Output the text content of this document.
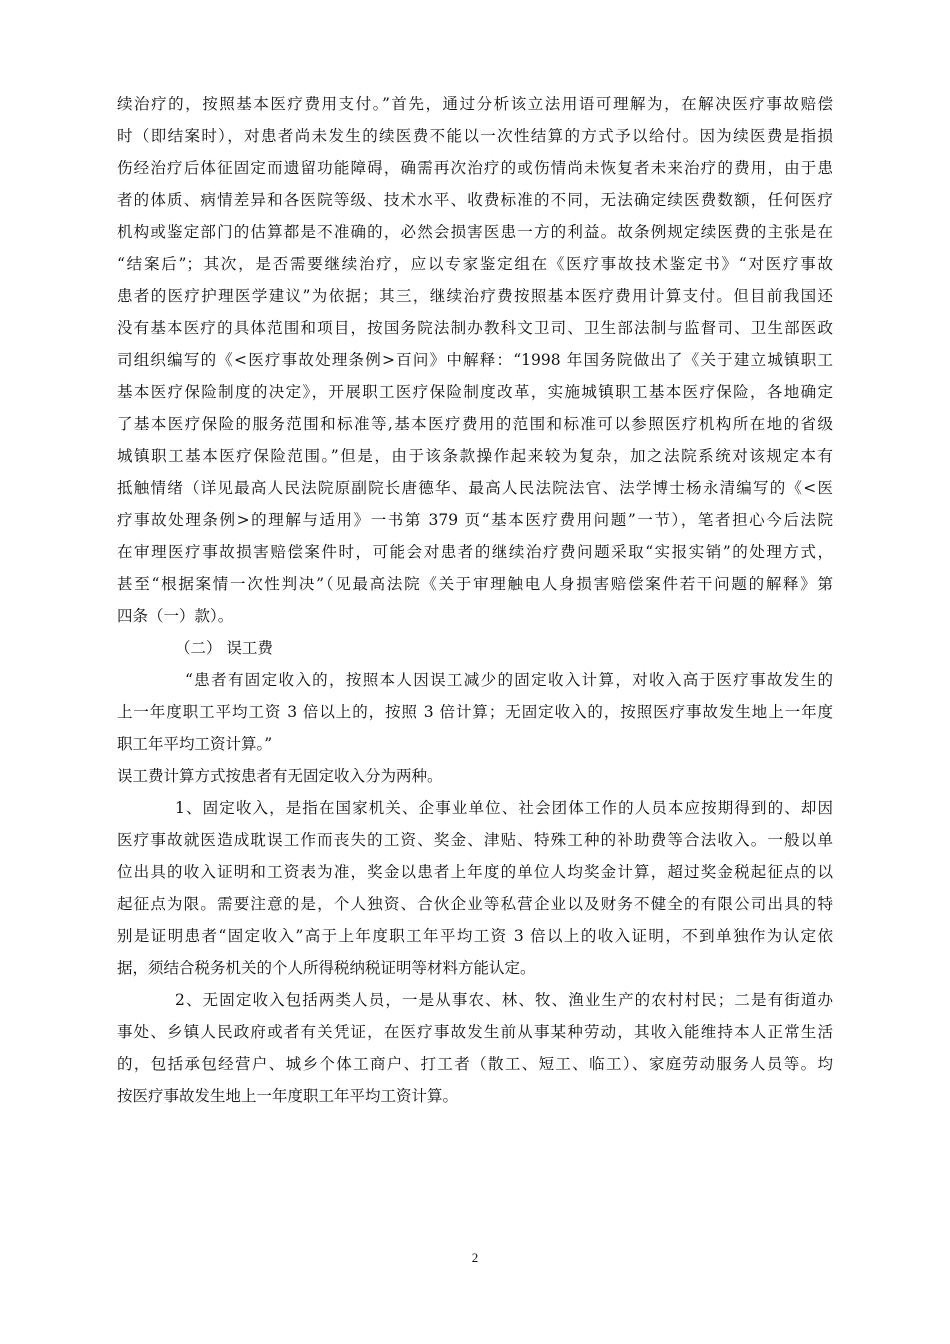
续治疗的，按照基本医疗费用支付。”首先，通过分析该立法用语可理解为，在解决医疗事故赔偿
时（即结案时），对患者尚未发生的续医费不能以一次性结算的方式予以给付。因为续医费是指损
伤经治疗后体征固定而遗留功能障碍，确需再次治疗的或伤情尚未恢复者未来治疗的费用，由于患
者的体质、病情差异和各医院等级、技术水平、收费标准的不同，无法确定续医费数额，任何医疗
机构或鉴定部门的估算都是不准确的，必然会损害医患一方的利益。故条例规定续医费的主张是在
“结案后”；其次，是否需要继续治疗，应以专家鉴定组在《医疗事故技术鉴定书》“对医疗事故
患者的医疗护理医学建议”为依据；其三，继续治疗费按照基本医疗费用计算支付。但目前我国还
没有基本医疗的具体范围和项目，按国务院法制办教科文卫司、卫生部法制与监督司、卫生部医政
司组织编写的《<医疗事故处理条例>百问》中解释：“1998 年国务院做出了《关于建立城镇职工
基本医疗保险制度的决定》，开展职工医疗保险制度改革，实施城镇职工基本医疗保险，各地确定
了基本医疗保险的服务范围和标准等,基本医疗费用的范围和标准可以参照医疗机构所在地的省级
城镇职工基本医疗保险范围。”但是，由于该条款操作起来较为复杂，加之法院系统对该规定本有
抵触情绪（详见最高人民法院原副院长唐德华、最高人民法院法官、法学博士杨永清编写的《<医
疗事故处理条例>的理解与适用》一书第 379 页“基本医疗费用问题”一节），笔者担心今后法院
在审理医疗事故损害赔偿案件时，可能会对患者的继续治疗费问题采取“实报实销”的处理方式，
甚至“根据案情一次性判决”（见最高法院《关于审理触电人身损害赔偿案件若干问题的解释》第
四条（一）款）。
（二） 误工费
“患者有固定收入的，按照本人因误工减少的固定收入计算，对收入高于医疗事故发生的
上一年度职工平均工资 3 倍以上的，按照 3 倍计算；无固定收入的，按照医疗事故发生地上一年度
职工年平均工资计算。”
误工费计算方式按患者有无固定收入分为两种。
1、固定收入，是指在国家机关、企事业单位、社会团体工作的人员本应按期得到的、却因
医疗事故就医造成耽误工作而丧失的工资、奖金、津贴、特殊工种的补助费等合法收入。一般以单
位出具的收入证明和工资表为准，奖金以患者上年度的单位人均奖金计算，超过奖金税起征点的以
起征点为限。需要注意的是，个人独资、合伙企业等私营企业以及财务不健全的有限公司出具的特
别是证明患者“固定收入”高于上年度职工年平均工资 3 倍以上的收入证明，不到单独作为认定依
据，须结合税务机关的个人所得税纳税证明等材料方能认定。
2、无固定收入包括两类人员，一是从事农、林、牧、渔业生产的农村村民；二是有街道办
事处、乡镇人民政府或者有关凭证，在医疗事故发生前从事某种劳动，其收入能维持本人正常生活
的，包括承包经营户、城乡个体工商户、打工者（散工、短工、临工）、家庭劳动服务人员等。均
按医疗事故发生地上一年度职工年平均工资计算。
2
